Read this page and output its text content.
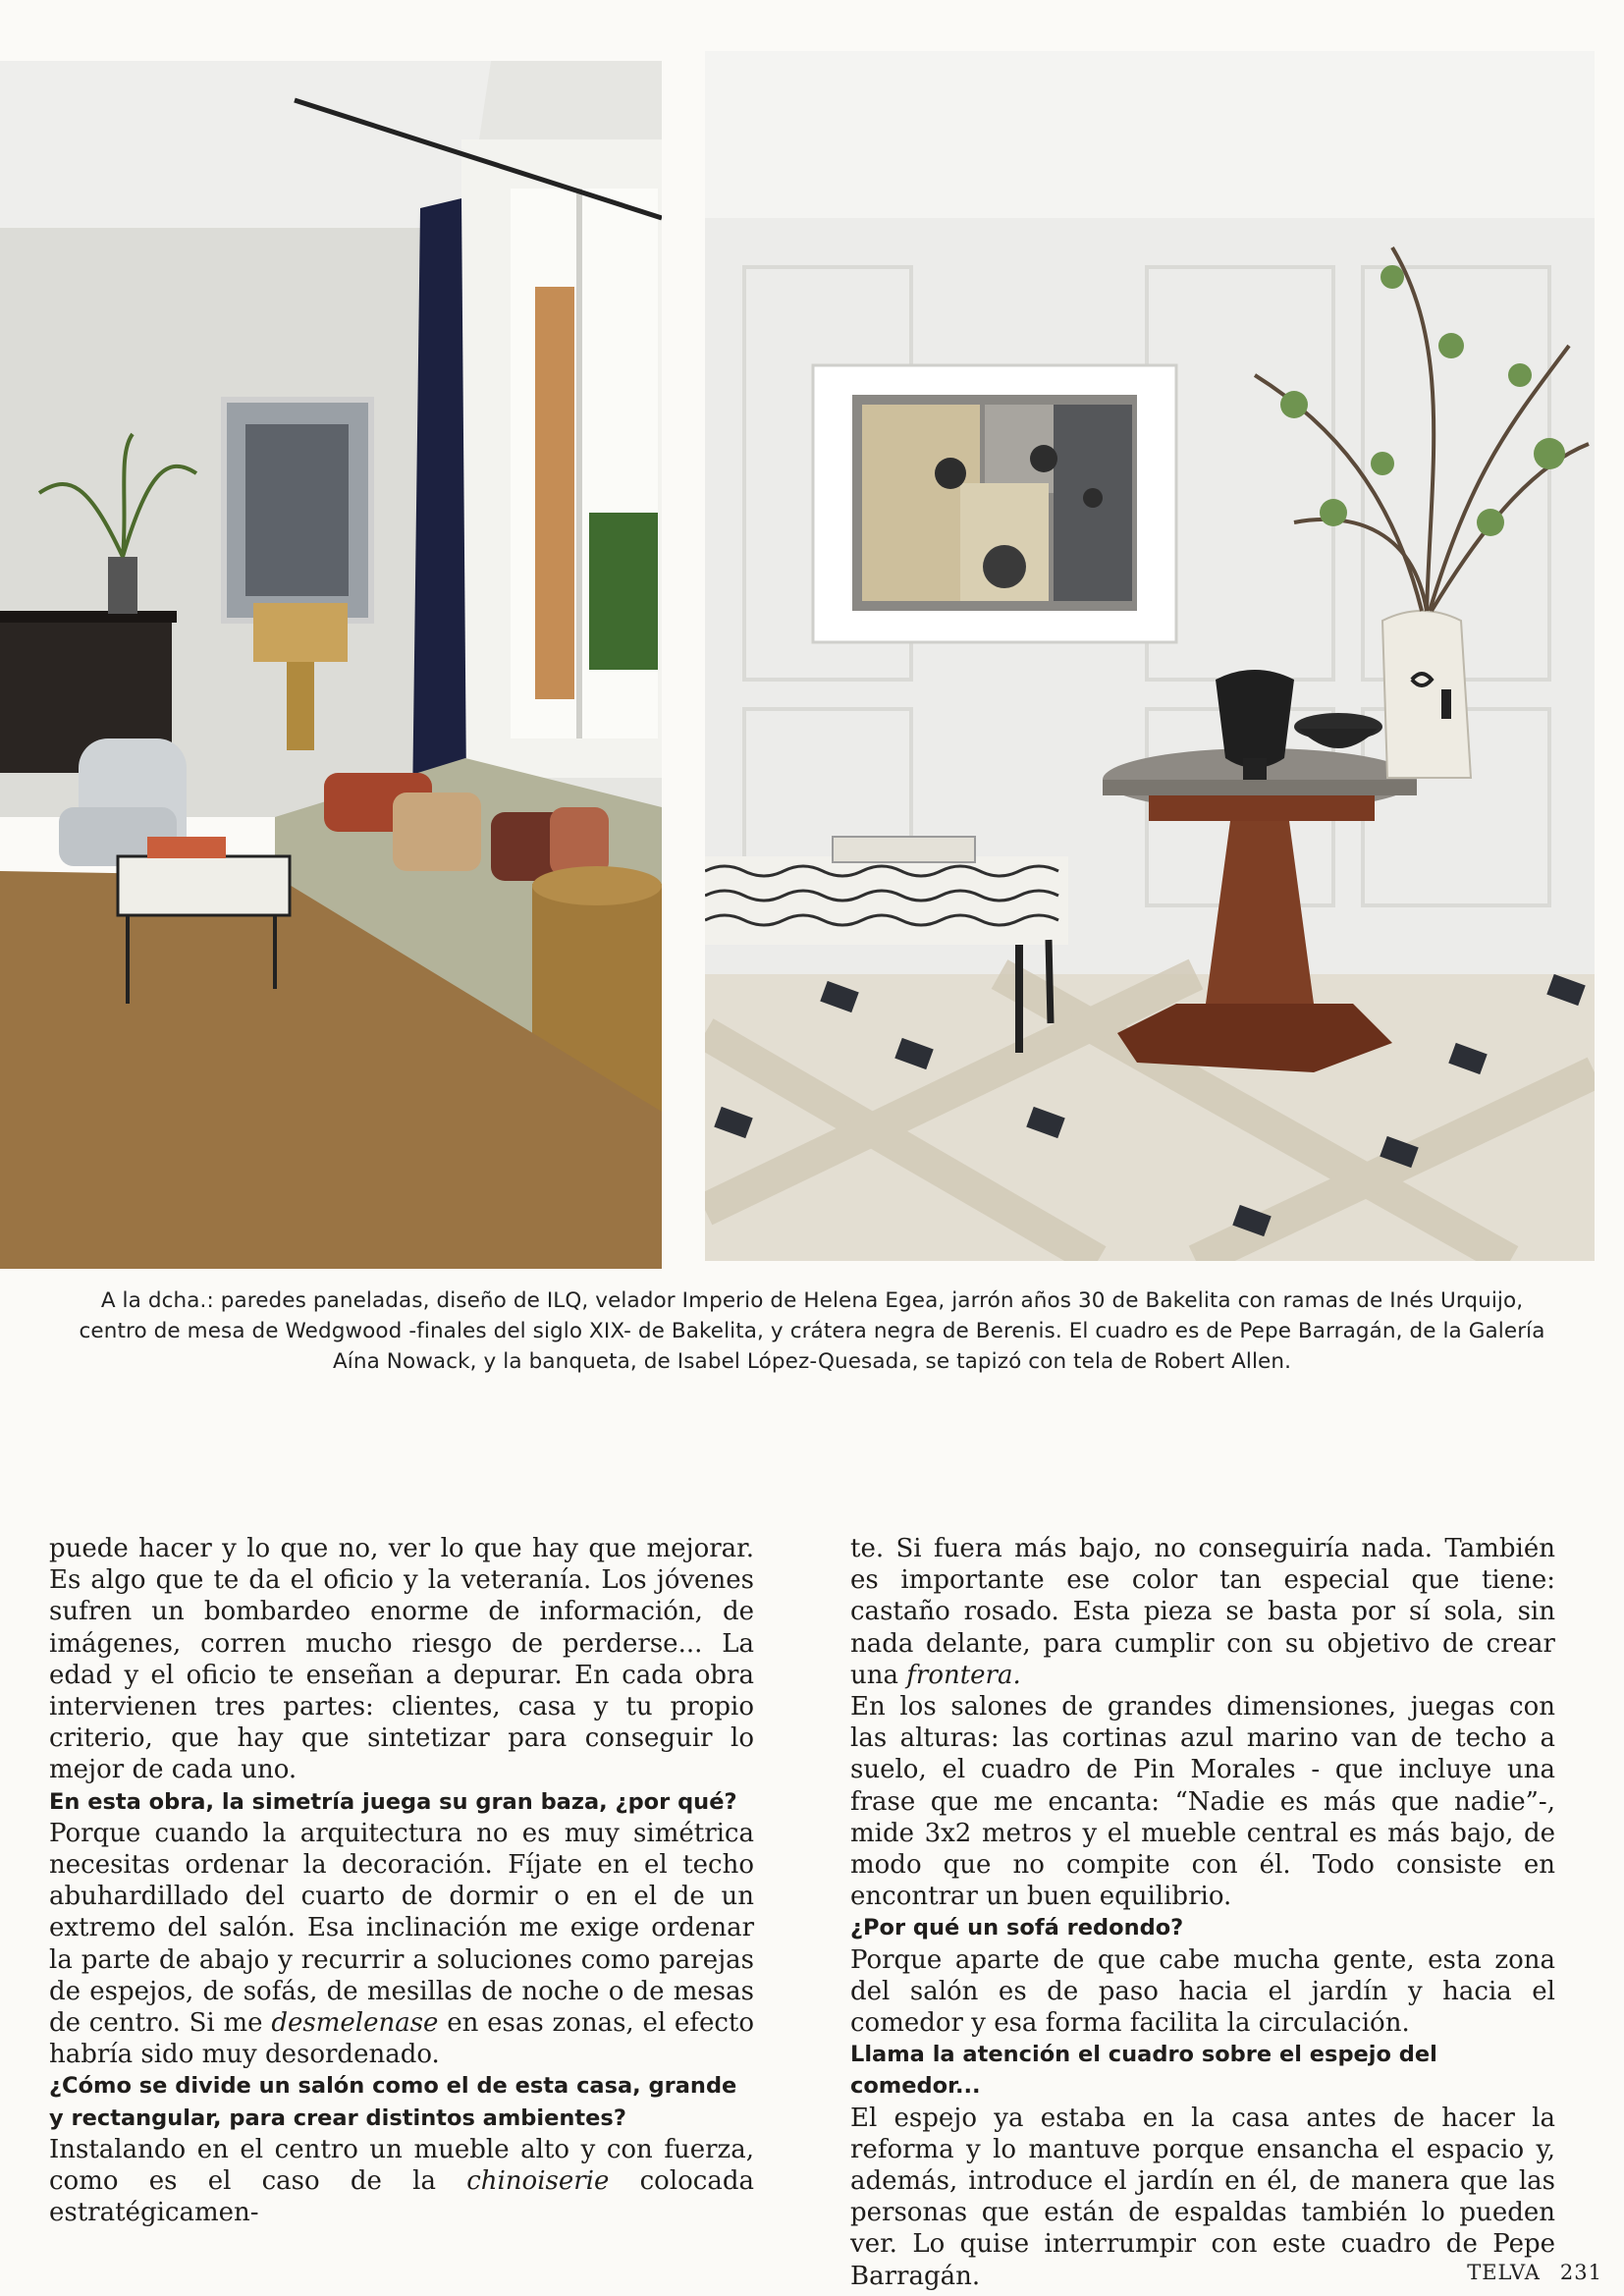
A la dcha.: paredes paneladas, diseño de ILQ, velador Imperio de Helena Egea, jarrón años 30 de Bakelita con ramas de Inés Urquijo,
centro de mesa de Wedgwood -finales del siglo XIX- de Bakelita, y crátera negra de Berenis. El cuadro es de Pepe Barragán, de la Galería
Aína Nowack, y la banqueta, de Isabel López-Quesada, se tapizó con tela de Robert Allen.

puede hacer y lo que no, ver lo que hay que mejorar. Es algo que te da el oficio y la veteranía. Los jóvenes sufren un bombardeo enorme de información, de imágenes, corren mucho riesgo de perderse... La edad y el oficio te enseñan a depurar. En cada obra intervienen tres partes: clientes, casa y tu propio criterio, que hay que sintetizar para conseguir lo mejor de cada uno.

En esta obra, la simetría juega su gran baza, ¿por qué?

Porque cuando la arquitectura no es muy simétrica necesitas ordenar la decoración. Fíjate en el techo abuhardillado del cuarto de dormir o en el de un extremo del salón. Esa inclinación me exige ordenar la parte de abajo y recurrir a soluciones como parejas de espejos, de sofás, de mesillas de noche o de mesas de centro. Si me desmelenase en esas zonas, el efecto habría sido muy desordenado.

¿Cómo se divide un salón como el de esta casa, grande y rectangular, para crear distintos ambientes?

Instalando en el centro un mueble alto y con fuerza, como es el caso de la chinoiserie colocada estratégicamen-

te. Si fuera más bajo, no conseguiría nada. También es importante ese color tan especial que tiene: castaño rosado. Esta pieza se basta por sí sola, sin nada delante, para cumplir con su objetivo de crear una frontera.

En los salones de grandes dimensiones, juegas con las alturas: las cortinas azul marino van de techo a suelo, el cuadro de Pin Morales - que incluye una frase que me encanta: “Nadie es más que nadie”-, mide 3x2 metros y el mueble central es más bajo, de modo que no compite con él. Todo consiste en encontrar un buen equilibrio.

¿Por qué un sofá redondo?

Porque aparte de que cabe mucha gente, esta zona del salón es de paso hacia el jardín y hacia el comedor y esa forma facilita la circulación.

Llama la atención el cuadro sobre el espejo del comedor...

El espejo ya estaba en la casa antes de hacer la reforma y lo mantuve porque ensancha el espacio y, además, introduce el jardín en él, de manera que las personas que están de espaldas también lo pueden ver. Lo quise interrumpir con este cuadro de Pepe Barragán.	TELVA 231
